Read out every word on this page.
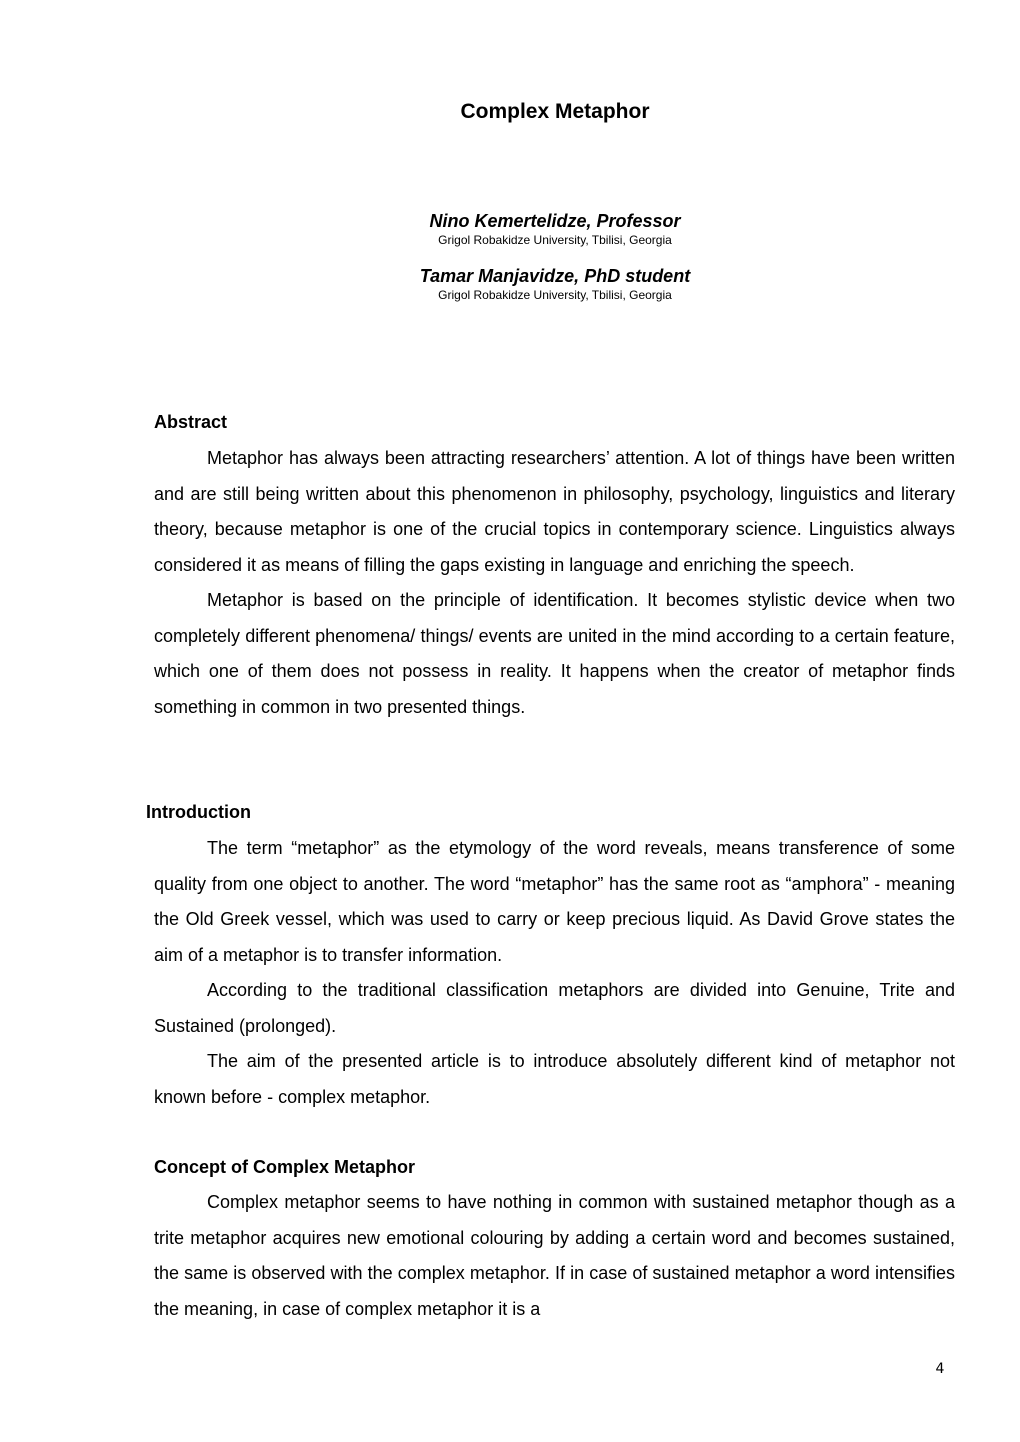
Complex Metaphor
Nino Kemertelidze, Professor
Grigol Robakidze University, Tbilisi, Georgia
Tamar Manjavidze, PhD student
Grigol Robakidze University, Tbilisi, Georgia
Abstract

Metaphor has always been attracting researchers’ attention. A lot of things have been written and are still being written about this phenomenon in philosophy, psychology, linguistics and literary theory, because metaphor is one of the crucial topics in contemporary science. Linguistics always considered it as means of filling the gaps existing in language and enriching the speech.

Metaphor is based on the principle of identification. It becomes stylistic device when two completely different phenomena/ things/ events are united in the mind according to a certain feature, which one of them does not possess in reality. It happens when the creator of metaphor finds something in common in two presented things.

Introduction

The term “metaphor” as the etymology of the word reveals, means transference of some quality from one object to another. The word “metaphor” has the same root as “amphora” - meaning the Old Greek vessel, which was used to carry or keep precious liquid. As David Grove states the aim of a metaphor is to transfer information.

According to the traditional classification metaphors are divided into Genuine, Trite and Sustained (prolonged).

The aim of the presented article is to introduce absolutely different kind of metaphor not known before - complex metaphor.

Concept of Complex Metaphor

Complex metaphor seems to have nothing in common with sustained metaphor though as a trite metaphor acquires new emotional colouring by adding a certain word and becomes sustained, the same is observed with the complex metaphor. If in case of sustained metaphor a word intensifies the meaning, in case of complex metaphor it is a

4
